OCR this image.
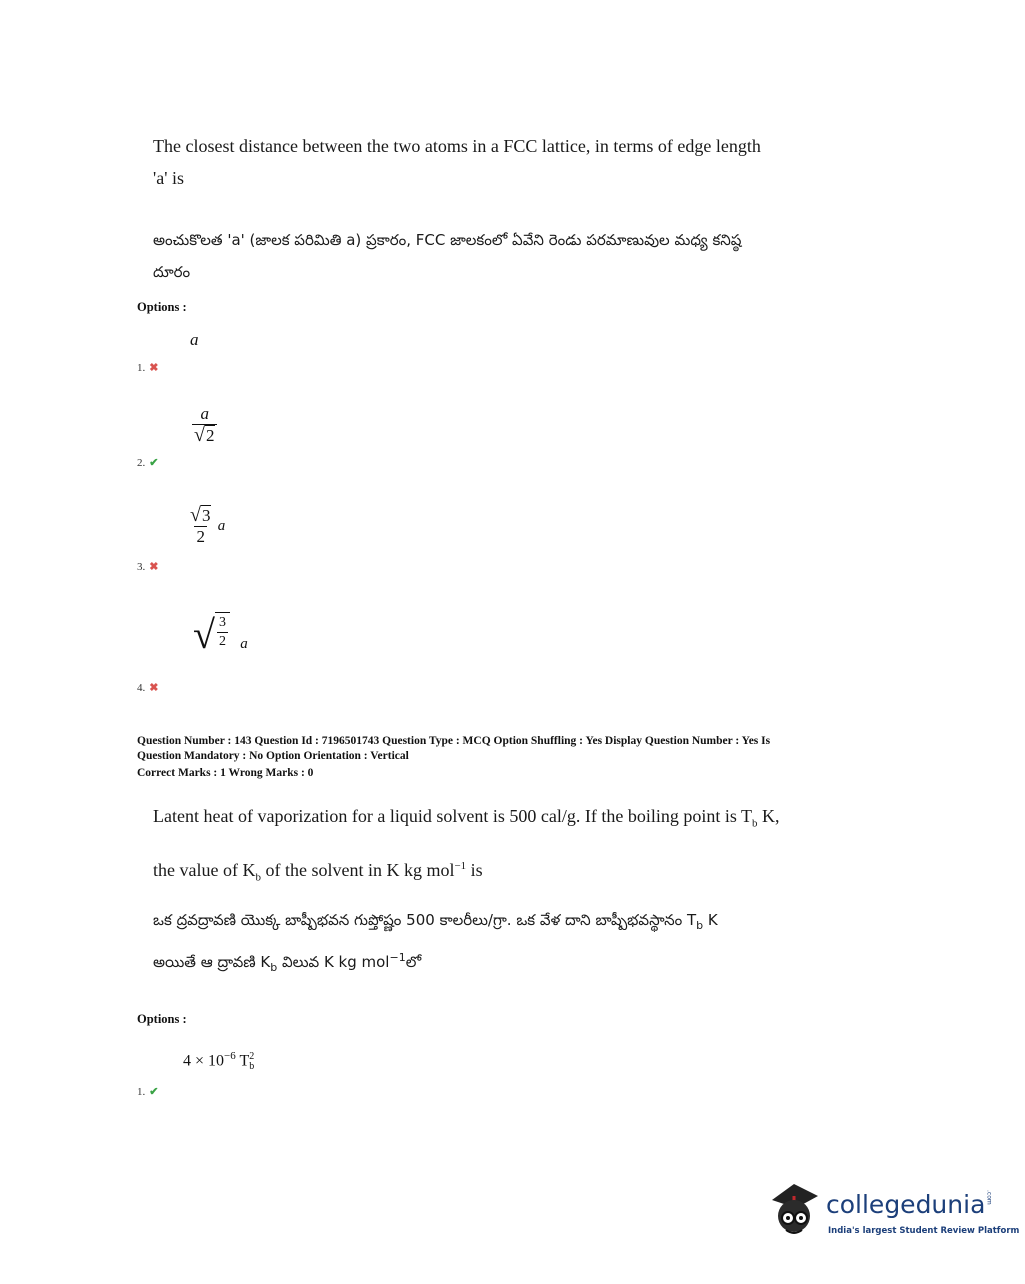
The closest distance between the two atoms in a FCC lattice, in terms of edge length
'a' is
అంచుకొలత 'a' (జాలక పరిమితి a) ప్రకారం, FCC జాలకంలో ఏవేని రెండు పరమాణువుల మధ్య కనిష్ఠ
దూరం
Options :
a
1. ✖
$\frac{a}{√ 2}$
2. ✔
$\frac{√ 3}{2}$ a
3. ✖
√ $\frac{3}{2}$ a
4. ✖
Question Number : 143 Question Id : 7196501743 Question Type : MCQ Option Shuffling : Yes Display Question Number : Yes Is
Question Mandatory : No Option Orientation : Vertical
Correct Marks : 1 Wrong Marks : 0
Latent heat of vaporization for a liquid solvent is 500 cal/g. If the boiling point is $T_b$ K,
the value of $K_b$ of the solvent in K kg mol$^{-1}$ is
ఒక ద్రవద్రావణి యొక్క బాష్పీభవన గుప్తోష్ణం 500 కాలరీలు/గ్రా. ఒక వేళ దాని బాష్పీభవస్థానం $T_b$ K
అయితే ఆ ద్రావణి $K_b$ విలువ K kg mol$^{-1}$లో
Options :
$4 \times 10^{-6}$ T 2
b
1. ✔
collegedunia.com
India's largest Student Review Platform
